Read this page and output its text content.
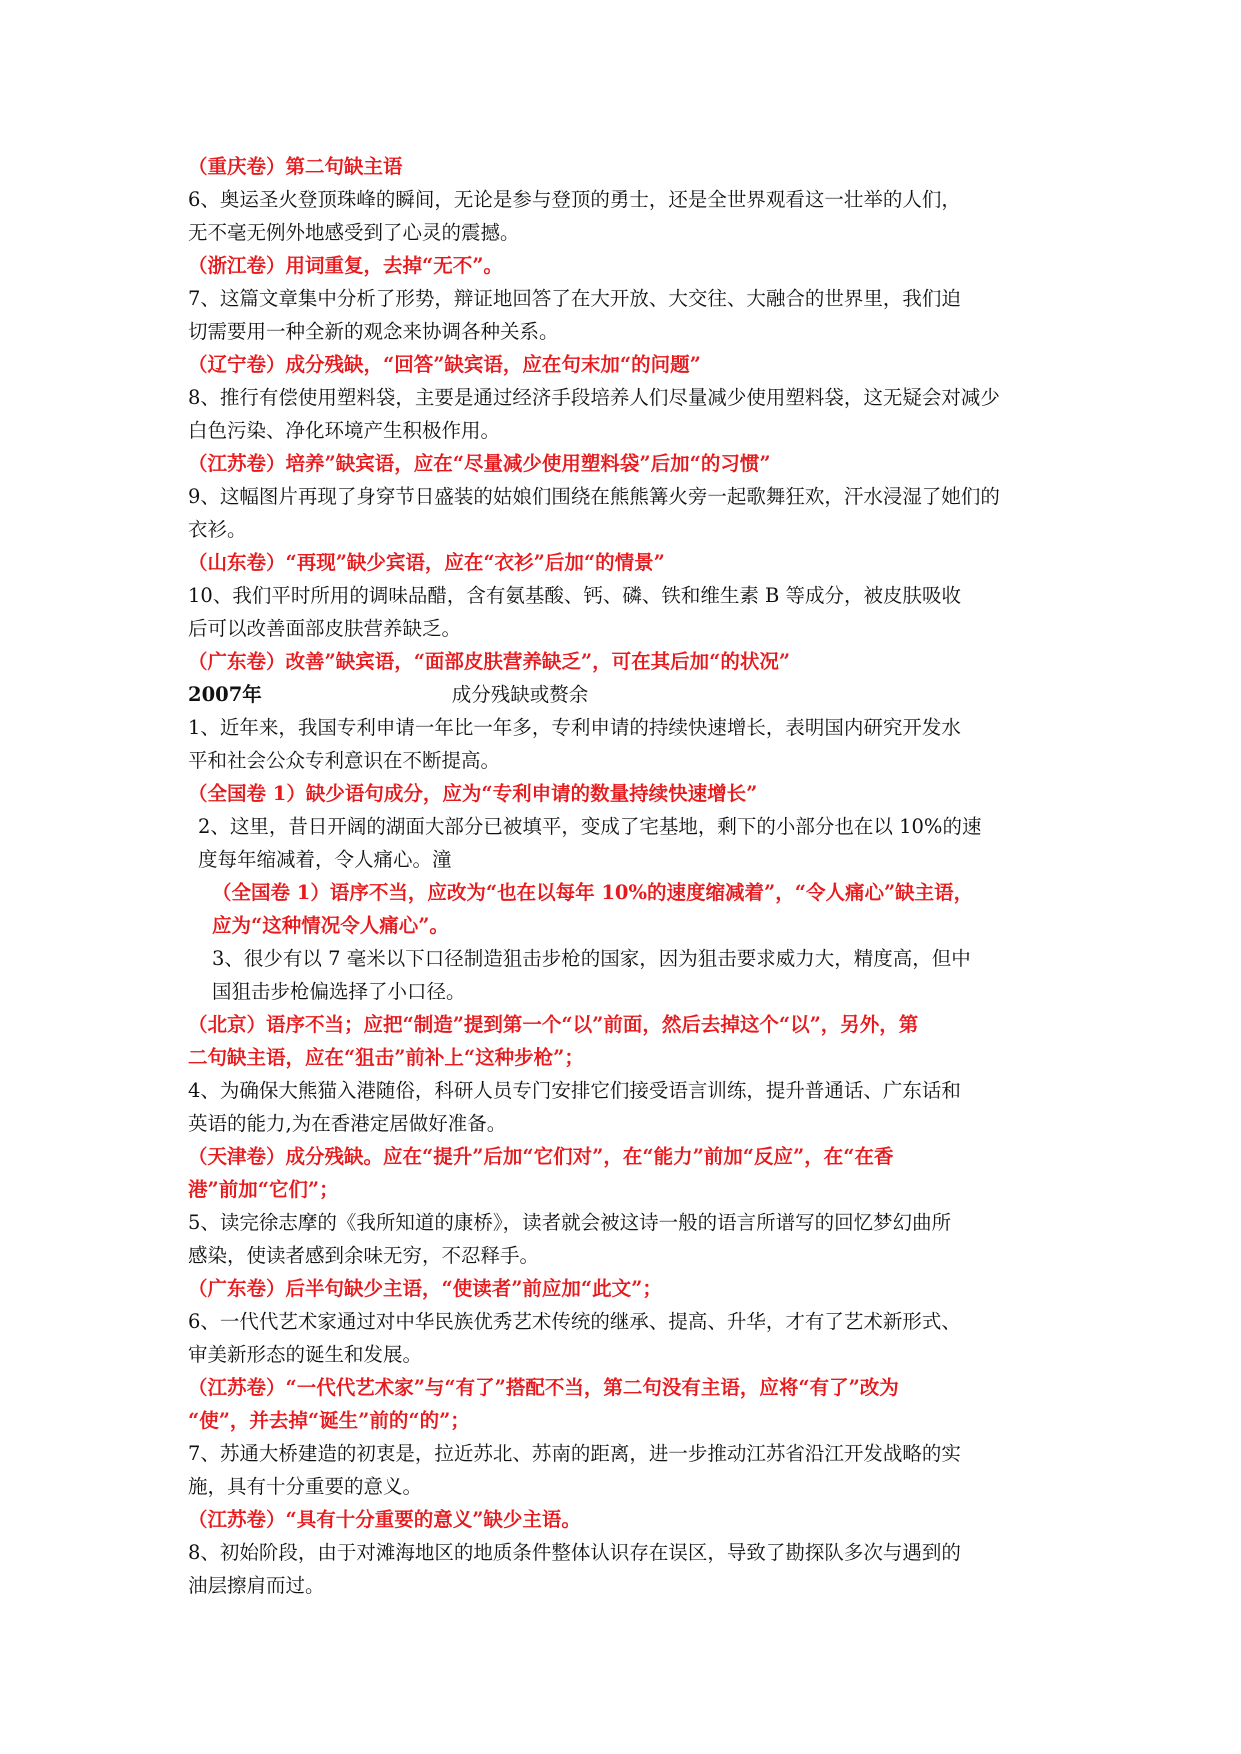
（重庆卷）第二句缺主语
6、奥运圣火登顶珠峰的瞬间，无论是参与登顶的勇士，还是全世界观看这一壮举的人们，
无不毫无例外地感受到了心灵的震撼。
（浙江卷）用词重复，去掉“无不”。
7、这篇文章集中分析了形势，辩证地回答了在大开放、大交往、大融合的世界里，我们迫
切需要用一种全新的观念来协调各种关系。
（辽宁卷）成分残缺，“回答”缺宾语，应在句末加“的问题”
8、推行有偿使用塑料袋，主要是通过经济手段培养人们尽量减少使用塑料袋，这无疑会对减少
白色污染、净化环境产生积极作用。
（江苏卷）培养”缺宾语，应在“尽量减少使用塑料袋”后加“的习惯”
9、这幅图片再现了身穿节日盛装的姑娘们围绕在熊熊篝火旁一起歌舞狂欢，汗水浸湿了她们的
衣衫。
（山东卷）“再现”缺少宾语，应在“衣衫”后加“的情景”
10、我们平时所用的调味品醋，含有氨基酸、钙、磷、铁和维生素 B 等成分，被皮肤吸收
后可以改善面部皮肤营养缺乏。
（广东卷）改善”缺宾语，“面部皮肤营养缺乏”，可在其后加“的状况”
2007年	成分残缺或赘余
1、近年来，我国专利申请一年比一年多，专利申请的持续快速增长，表明国内研究开发水
平和社会公众专利意识在不断提高。
（全国卷 1）缺少语句成分，应为“专利申请的数量持续快速增长”
2、这里，昔日开阔的湖面大部分已被填平，变成了宅基地，剩下的小部分也在以 10%的速
度每年缩减着，令人痛心。潼
（全国卷 1）语序不当，应改为“也在以每年 10%的速度缩减着”，“令人痛心”缺主语，
应为“这种情况令人痛心”。
3、很少有以 7 毫米以下口径制造狙击步枪的国家，因为狙击要求威力大，精度高，但中
国狙击步枪偏选择了小口径。
（北京）语序不当；应把“制造”提到第一个“以”前面，然后去掉这个“以”，另外，第
二句缺主语，应在“狙击”前补上“这种步枪”；
4、为确保大熊猫入港随俗，科研人员专门安排它们接受语言训练，提升普通话、广东话和
英语的能力,为在香港定居做好准备。
（天津卷）成分残缺。应在“提升”后加“它们对”，在“能力”前加“反应”，在“在香
港”前加“它们”；
5、读完徐志摩的《我所知道的康桥》，读者就会被这诗一般的语言所谱写的回忆梦幻曲所
感染，使读者感到余味无穷，不忍释手。
（广东卷）后半句缺少主语，“使读者”前应加“此文”；
6、一代代艺术家通过对中华民族优秀艺术传统的继承、提高、升华，才有了艺术新形式、
审美新形态的诞生和发展。
（江苏卷）“一代代艺术家”与“有了”搭配不当，第二句没有主语，应将“有了”改为
“使”，并去掉“诞生”前的“的”；
7、苏通大桥建造的初衷是，拉近苏北、苏南的距离，进一步推动江苏省沿江开发战略的实
施，具有十分重要的意义。
（江苏卷）“具有十分重要的意义”缺少主语。
8、初始阶段，由于对滩海地区的地质条件整体认识存在误区，导致了勘探队多次与遇到的
油层擦肩而过。
